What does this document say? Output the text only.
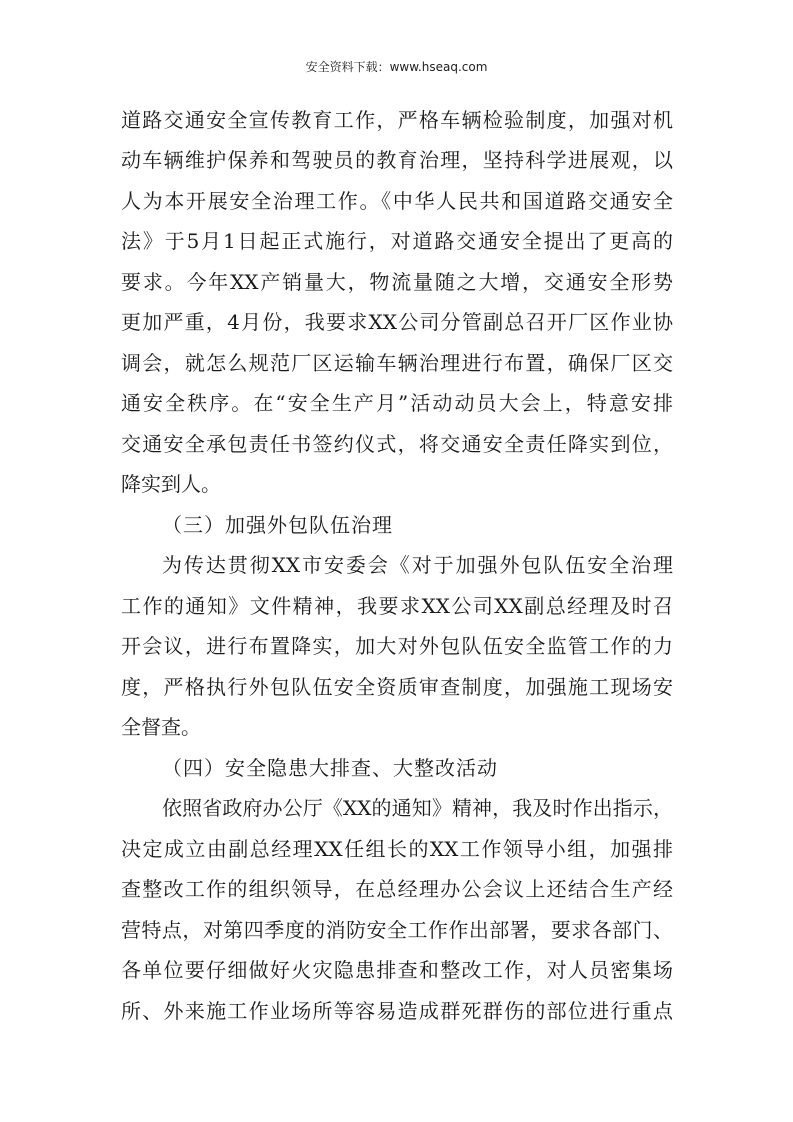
安全资料下载：www.hseaq.com
道路交通安全宣传教育工作，严格车辆检验制度，加强对机
动车辆维护保养和驾驶员的教育治理，坚持科学进展观，以
人为本开展安全治理工作。《中华人民共和国道路交通安全
法》于5月1日起正式施行，对道路交通安全提出了更高的
要求。今年XX产销量大，物流量随之大增，交通安全形势
更加严重，4月份，我要求XX公司分管副总召开厂区作业协
调会，就怎么规范厂区运输车辆治理进行布置，确保厂区交
通安全秩序。在“安全生产月”活动动员大会上，特意安排
交通安全承包责任书签约仪式，将交通安全责任降实到位，
降实到人。
（三）加强外包队伍治理
为传达贯彻XX市安委会《对于加强外包队伍安全治理
工作的通知》文件精神，我要求XX公司XX副总经理及时召
开会议，进行布置降实，加大对外包队伍安全监管工作的力
度，严格执行外包队伍安全资质审查制度，加强施工现场安
全督查。
（四）安全隐患大排查、大整改活动
依照省政府办公厅《XX的通知》精神，我及时作出指示，
决定成立由副总经理XX任组长的XX工作领导小组，加强排
查整改工作的组织领导，在总经理办公会议上还结合生产经
营特点，对第四季度的消防安全工作作出部署，要求各部门、
各单位要仔细做好火灾隐患排查和整改工作，对人员密集场
所、外来施工作业场所等容易造成群死群伤的部位进行重点
